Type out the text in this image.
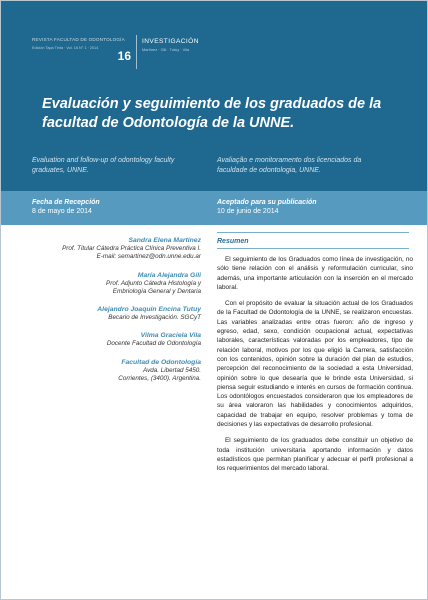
REVISTA FACULTAD DE ODONTOLOGÍA
Edición Tapa Tinta · Vol. 16 N° 1 · 2014
16
INVESTIGACIÓN
Martínez · Gili · Tutuy · Vila
Evaluación y seguimiento de los graduados de la facultad de Odontología de la UNNE.
Evaluation and follow-up of odontology faculty graduates, UNNE.
Avaliação e monitoramento dos licenciados da faculdade de odontologia, UNNE.
Fecha de Recepción
8 de mayo de 2014
Aceptado para su publicación
10 de junio de 2014
Sandra Elena Martínez
Prof. Titular Cátedra Práctica Clínica Preventiva I.
E-mail: semartinez@odn.unne.edu.ar
María Alejandra Gili
Prof. Adjunto Cátedra Histología y
Embriología General y Dentaria
Alejandro Joaquín Encina Tutuy
Becario de Investigación. SGCyT
Vilma Graciela Vila
Docente Facultad de Odontología
Facultad de Odontología
Avda. Libertad 5450.
Corrientes, (3400). Argentina.
Resumen

El seguimiento de los Graduados como línea de investigación, no sólo tiene relación con el análisis y reformulación curricular, sino además, una importante articulación con la inserción en el mercado laboral.

Con el propósito de evaluar la situación actual de los Graduados de la Facultad de Odontología de la UNNE, se realizaron encuestas. Las variables analizadas entre otras fueron: año de ingreso y egreso, edad, sexo, condición ocupacional actual, expectativas laborales, características valoradas por los empleadores, tipo de relación laboral, motivos por los que eligió la Carrera, satisfacción con los contenidos, opinión sobre la duración del plan de estudios, percepción del reconocimiento de la sociedad a esta Universidad, opinión sobre lo que desearía que le brinde esta Universidad, si piensa seguir estudiando e interés en cursos de formación continua. Los odontólogos encuestados consideraron que los empleadores de su área valoraron las habilidades y conocimientos adquiridos, capacidad de trabajar en equipo, resolver problemas y toma de decisiones y las expectativas de desarrollo profesional.

El seguimiento de los graduados debe constituir un objetivo de toda institución universitaria aportando información y datos estadísticos que permitan planificar y adecuar el perfil profesional a los requerimientos del mercado laboral.
